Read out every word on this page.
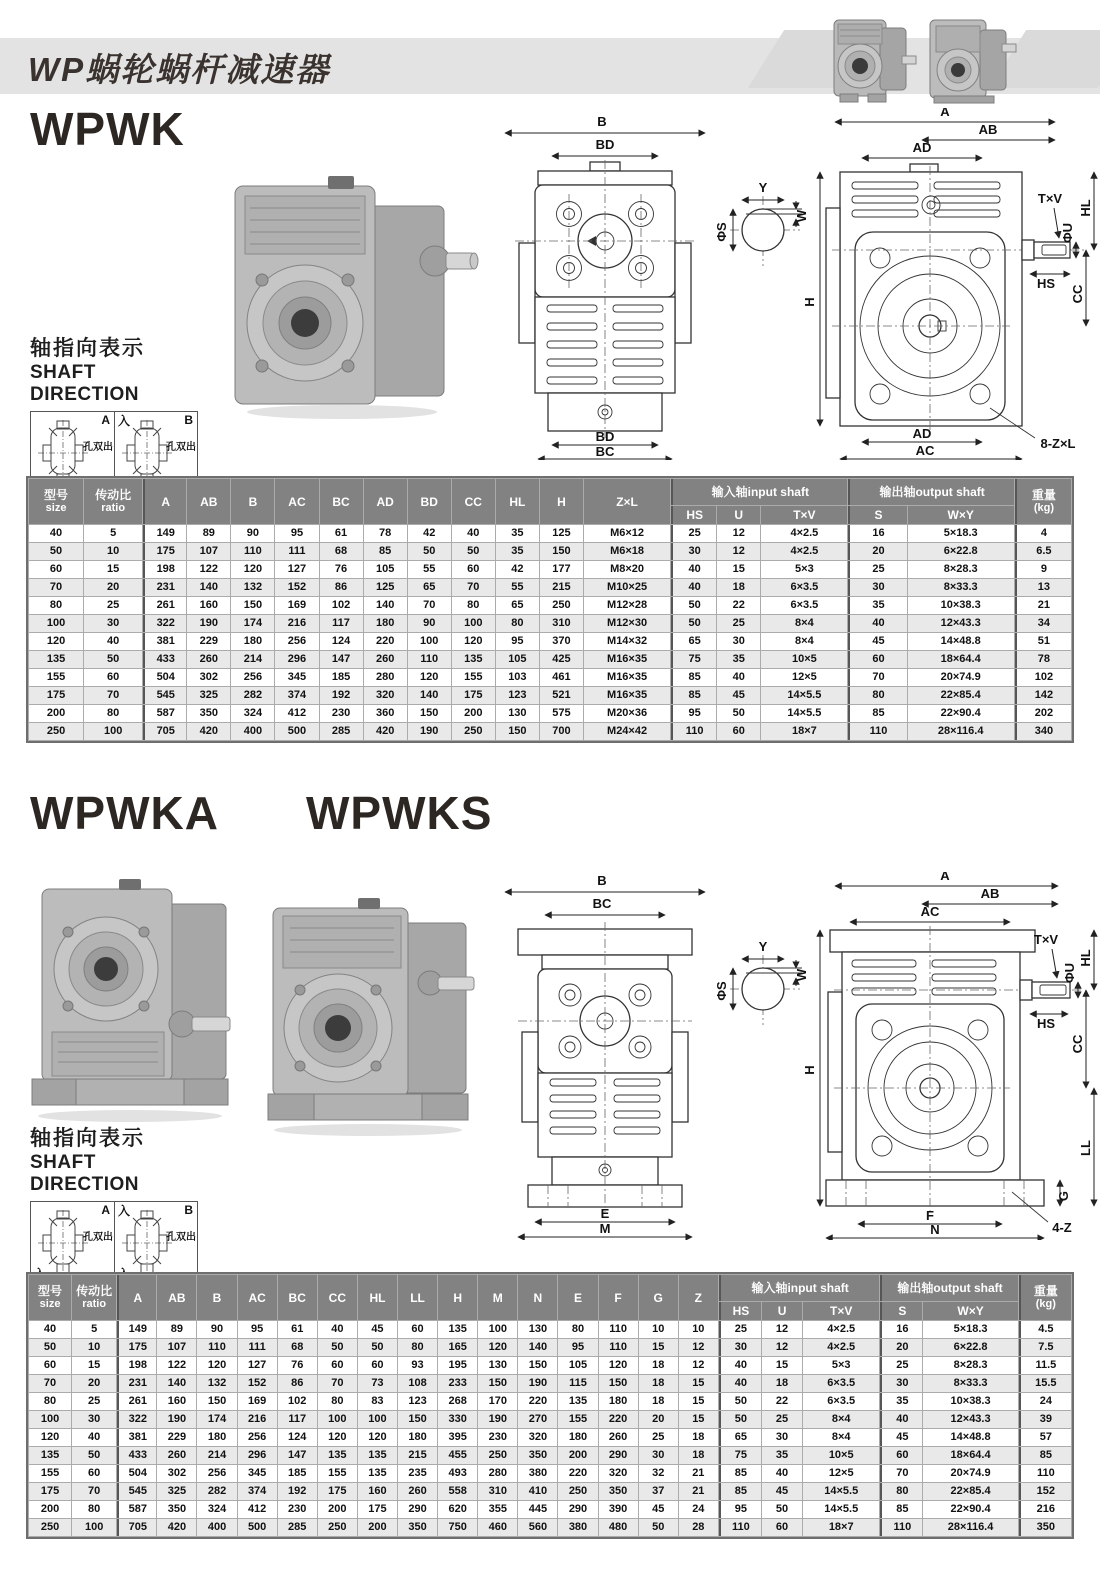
WP蜗轮蜗杆减速器
WPWK
WPWKA WPWKS
B
BD
BD
BC
Y
W
ΦS
A
AB
AD
T×V
ΦU
HL
HS
CC
H
AD
AC	8-Z×L
轴指向表示
SHAFT DIRECTION
A
孔双出
B
孔双出
入
型号
size	传动比
ratio	A	AB	B	AC	BC	AD	BD	CC	HL	H	Z×L	输入轴input shaft			输出轴output shaft		重量
(kg)

													HS	U	T×V	S	W×Y	
40	5	149	89	90	95	61	78	42	40	35	125	M6×12	25	12	4×2.5	16	5×18.3	4
50	10	175	107	110	111	68	85	50	50	35	150	M6×18	30	12	4×2.5	20	6×22.8	6.5
60	15	198	122	120	127	76	105	55	60	42	177	M8×20	40	15	5×3	25	8×28.3	9
70	20	231	140	132	152	86	125	65	70	55	215	M10×25	40	18	6×3.5	30	8×33.3	13
80	25	261	160	150	169	102	140	70	80	65	250	M12×28	50	22	6×3.5	35	10×38.3	21
100	30	322	190	174	216	117	180	90	100	80	310	M12×30	50	25	8×4	40	12×43.3	34
120	40	381	229	180	256	124	220	100	120	95	370	M14×32	65	30	8×4	45	14×48.8	51
135	50	433	260	214	296	147	260	110	135	105	425	M16×35	75	35	10×5	60	18×64.4	78
155	60	504	302	256	345	185	280	120	155	103	461	M16×35	85	40	12×5	70	20×74.9	102
175	70	545	325	282	374	192	320	140	175	123	521	M16×35	85	45	14×5.5	80	22×85.4	142
200	80	587	350	324	412	230	360	150	200	130	575	M20×36	95	50	14×5.5	85	22×90.4	202
250	100	705	420	400	500	285	420	190	250	150	700	M24×42	110	60	18×7	110	28×116.4	340
B
BC
E
M
Y
W
ΦS
A
AB
AC
T×V
ΦU
HL
HS
CC
LL
G
H
F
N	4-Z
轴指向表示
SHAFT DIRECTION
A
孔双出
B
孔双出
入
型号
size	传动比
ratio	A	AB	B	AC	BC	CC	HL	LL	H	M	N	E	F	G	Z	输入轴input shaft			输出轴output shaft		重量
(kg)

																	HS	U	T×V	S	W×Y	
40	5	149	89	90	95	61	40	45	60	135	100	130	80	110	10	10	25	12	4×2.5	16	5×18.3	4.5
50	10	175	107	110	111	68	50	50	80	165	120	140	95	110	15	12	30	12	4×2.5	20	6×22.8	7.5
60	15	198	122	120	127	76	60	60	93	195	130	150	105	120	18	12	40	15	5×3	25	8×28.3	11.5
70	20	231	140	132	152	86	70	73	108	233	150	190	115	150	18	15	40	18	6×3.5	30	8×33.3	15.5
80	25	261	160	150	169	102	80	83	123	268	170	220	135	180	18	15	50	22	6×3.5	35	10×38.3	24
100	30	322	190	174	216	117	100	100	150	330	190	270	155	220	20	15	50	25	8×4	40	12×43.3	39
120	40	381	229	180	256	124	120	120	180	395	230	320	180	260	25	18	65	30	8×4	45	14×48.8	57
135	50	433	260	214	296	147	135	135	215	455	250	350	200	290	30	18	75	35	10×5	60	18×64.4	85
155	60	504	302	256	345	185	155	135	235	493	280	380	220	320	32	21	85	40	12×5	70	20×74.9	110
175	70	545	325	282	374	192	175	160	260	558	310	410	250	350	37	21	85	45	14×5.5	80	22×85.4	152
200	80	587	350	324	412	230	200	175	290	620	355	445	290	390	45	24	95	50	14×5.5	85	22×90.4	216
250	100	705	420	400	500	285	250	200	350	750	460	560	380	480	50	28	110	60	18×7	110	28×116.4	350
